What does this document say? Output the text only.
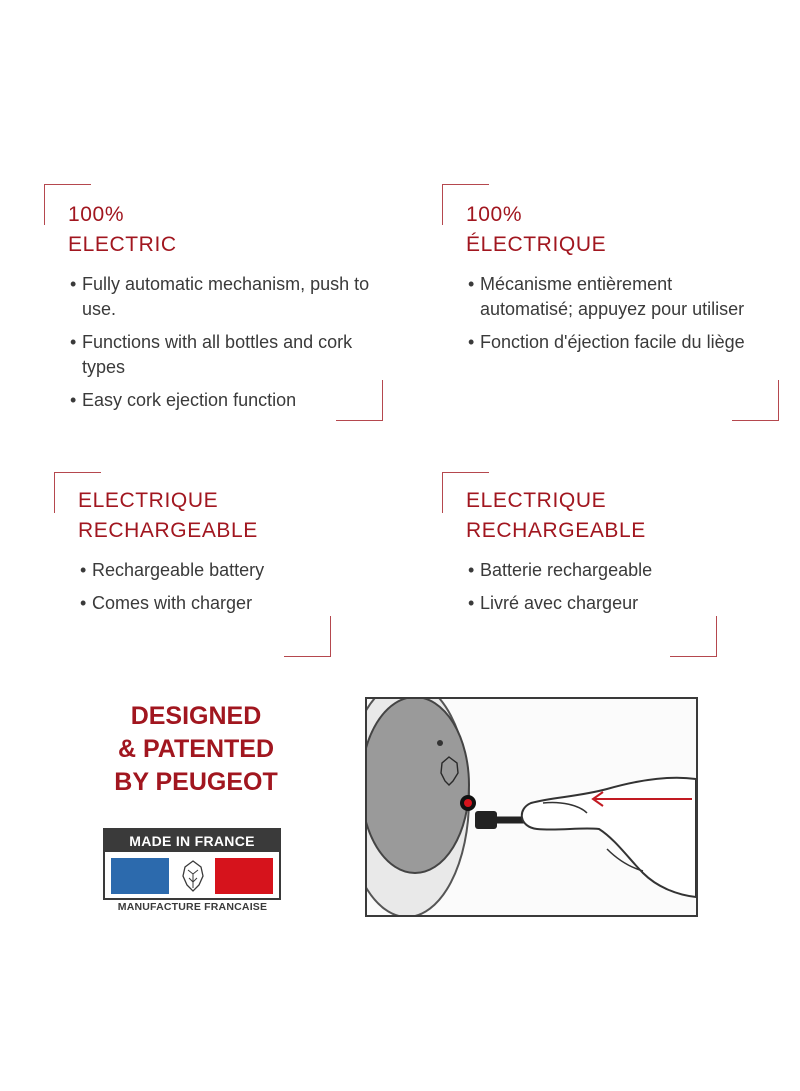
100%
ELECTRIC
• Fully automatic mechanism, push to use.
• Functions with all bottles and cork types
• Easy cork ejection function
100%
ÉLECTRIQUE
• Mécanisme entièrement automatisé; appuyez pour utiliser
• Fonction d'éjection facile du liège
ELECTRIQUE
RECHARGEABLE
• Rechargeable battery
• Comes with charger
ELECTRIQUE
RECHARGEABLE
• Batterie rechargeable
• Livré avec chargeur
DESIGNED
& PATENTED
BY PEUGEOT
MADE IN FRANCE
MANUFACTURE FRANCAISE
